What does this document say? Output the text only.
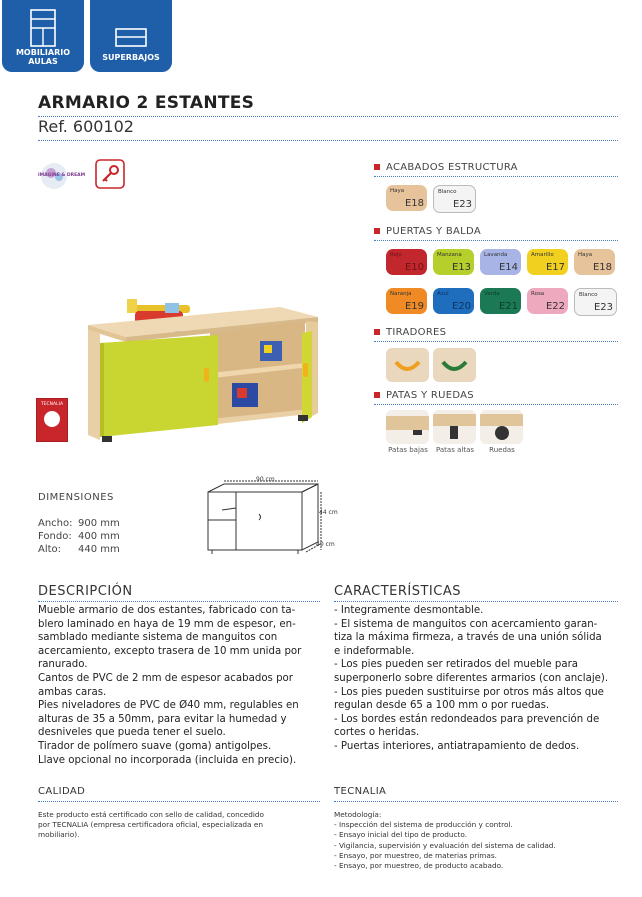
MOBILIARIO
AULAS	SUPERBAJOS
ARMARIO 2 ESTANTES
Ref. 600102
IMAGINE & DREAM
TECNALIA
ACABADOS ESTRUCTURA
PUERTAS Y BALDA
TIRADORES
PATAS Y RUEDAS
Patas bajas	Patas altas	Ruedas
DIMENSIONES
Ancho: 900 mm
Fondo: 400 mm
Alto: 440 mm
90 cm
44 cm
40 cm
DESCRIPCIÓN

Mueble armario de dos estantes, fabricado con ta-

blero laminado en haya de 19 mm de espesor, en-

samblado mediante sistema de manguitos con

acercamiento, excepto trasera de 10 mm unida por

ranurado.

Cantos de PVC de 2 mm de espesor acabados por

ambas caras.

Pies niveladores de PVC de Ø40 mm, regulables en

alturas de 35 a 50mm, para evitar la humedad y

desniveles que pueda tener el suelo.

Tirador de polímero suave (goma) antigolpes.

Llave opcional no incorporada (incluida en precio).

CARACTERÍSTICAS

- Integramente desmontable.

- El sistema de manguitos con acercamiento garan-

tiza la máxima firmeza, a través de una unión sólida

e indeformable.

- Los pies pueden ser retirados del mueble para

superponerlo sobre diferentes armarios (con anclaje).

- Los pies pueden sustituirse por otros más altos que

regulan desde 65 a 100 mm o por ruedas.

- Los bordes están redondeados para prevención de

cortes o heridas.

- Puertas interiores, antiatrapamiento de dedos.

CALIDAD

Este producto está certificado con sello de calidad, concedido

por TECNALIA (empresa certificadora oficial, especializada en

mobiliario).

TECNALIA

Metodología:

- Inspección del sistema de producción y control.

- Ensayo inicial del tipo de producto.

- Vigilancia, supervisión y evaluación del sistema de calidad.

- Ensayo, por muestreo, de materias primas.

- Ensayo, por muestreo, de producto acabado.

Haya
E18
Blanco
E23
Rojo
E10
Manzana
E13
Lavanda
E14
Amarillo
E17
Haya
E18
Naranja
E19
Azul
E20
Verde
E21
Rosa
E22
Blanco
E23
